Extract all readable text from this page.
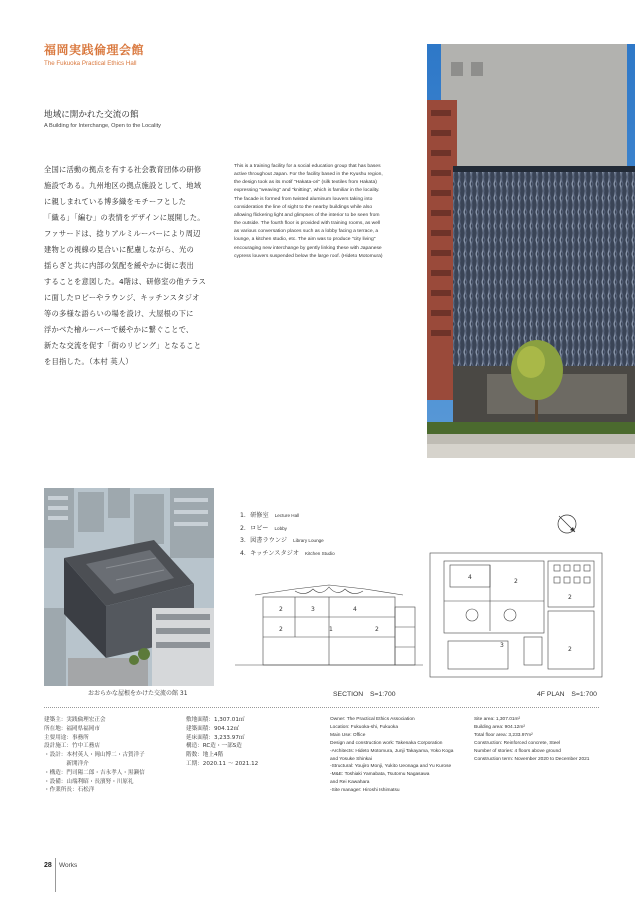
福岡実践倫理会館
The Fukuoka Practical Ethics Hall
地域に開かれた交流の館
A Building for Interchange, Open to the Locality
全国に活動の拠点を有する社会教育団体の研修
施設である。九州地区の拠点施設として、地域
に親しまれている博多織をモチーフとした
「織る」「編む」の表情をデザインに展開した。
ファサードは、捻りアルミルーバーにより周辺
建物との視線の見合いに配慮しながら、光の
揺らぎと共に内部の気配を緩やかに街に表出
することを意図した。4階は、研修室の他テラス
に面したロビーやラウンジ、キッチンスタジオ
等の多様な語らいの場を設け、大屋根の下に
浮かべた檜ルーバーで緩やかに繋ぐことで、
新たな交流を促す「街のリビング」となること
を目指した。（本村 英人）
This is a training facility for a social education group that has bases
active throughout Japan. For the facility based in the Kyushu region,
the design took as its motif "Hakata-ori" (silk textiles from Hakata)
expressing "weaving" and "knitting", which is familiar in the locality.
The facade is formed from twisted aluminum louvers taking into
consideration the line of sight to the nearby buildings while also
allowing flickering light and glimpses of the interior to be seen from
the outside. The fourth floor is provided with training rooms, as well
as various conversation places such as a lobby facing a terrace, a
lounge, a kitchen studio, etc. The aim was to produce "city living"
encouraging new interchange by gently linking these with Japanese
cypress louvers suspended below the large roof. (Hideto Motomura)
おおらかな屋根をかけた交流の館 31
1．研修室 Lecture Hall
2．ロビー Lobby
3．図書ラウンジ Library Lounge
4．キッチンスタジオ Kitchen Studio
2	3	4
2	1	2
4
2
2
3
2
SECTION　S=1:700	4F PLAN　S=1:700
建築主：実践倫理宏正会
所在地：福岡県福岡市
主要用途：事務所
設計施工：竹中工務店
・設計：本村英人・岡山博二・古賀洋子
　　　　新開洋介
・構造：門司陽二郎・吉永孝人・黒瀬信
・設備：山端利昭・長濱努・川原礼
・作業所長：石松洋
敷地面積：1,307.01㎡
建築面積：904.12㎡
延床面積：3,233.97㎡
構造：RC造・一部S造
階数：地上4階
工期：2020.11 ～ 2021.12
Owner: The Practical Ethics Association
Location: Fukuoka-shi, Fukuoka
Main Use: Office
Design and construction work: Takenaka Corporation
-Architects: Hideto Motomura, Junji Takayama, Yoko Koga
and Yosuke Shinkai
-Structural: Youjiro Monji, Yukito Ueonaga and Yu Kurose
-M&E: Toshiaki Yamabata, Tsutomu Nagasawa
and Rei Kawahara
-Site manager: Hiroshi Ishimatsu
Site area: 1,307.01m²
Building area: 904.12m²
Total floor area: 3,233.97m²
Construction: Reinforced concrete, Steel
Number of stories: 4 floors above ground
Construction term: November 2020 to December 2021
28 Works
